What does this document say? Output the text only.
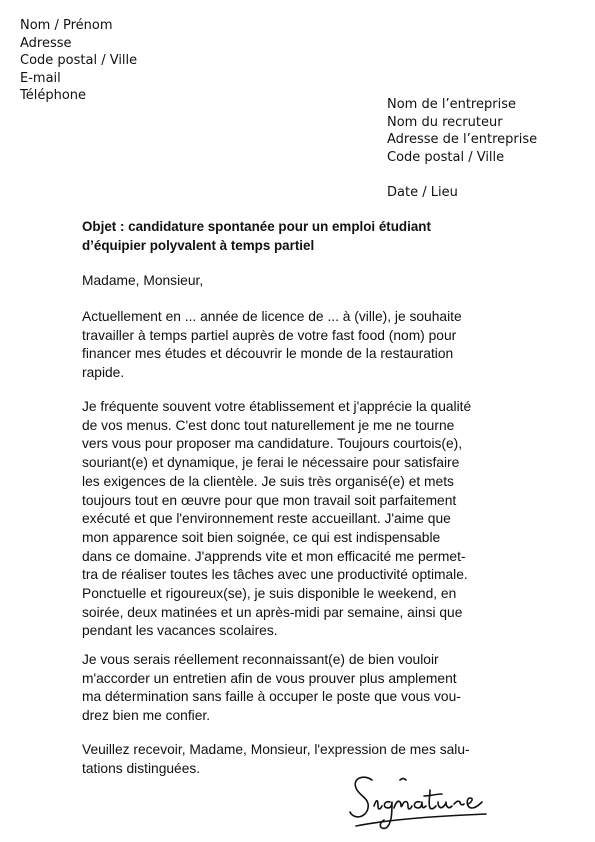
Nom / Prénom
Adresse
Code postal / Ville
E-mail
Téléphone
Nom de l’entreprise
Nom du recruteur
Adresse de l’entreprise
Code postal / Ville
Date / Lieu
Objet : candidature spontanée pour un emploi étudiant
d’équipier polyvalent à temps partiel
Madame, Monsieur,
Actuellement en ... année de licence de ... à (ville), je souhaite
travailler à temps partiel auprès de votre fast food (nom) pour
financer mes études et découvrir le monde de la restauration
rapide.
Je fréquente souvent votre établissement et j'apprécie la qualité
de vos menus. C'est donc tout naturellement je me ne tourne
vers vous pour proposer ma candidature. Toujours courtois(e),
souriant(e) et dynamique, je ferai le nécessaire pour satisfaire
les exigences de la clientèle. Je suis très organisé(e) et mets
toujours tout en œuvre pour que mon travail soit parfaitement
exécuté et que l'environnement reste accueillant. J'aime que
mon apparence soit bien soignée, ce qui est indispensable
dans ce domaine. J'apprends vite et mon efficacité me permet-
tra de réaliser toutes les tâches avec une productivité optimale.
Ponctuelle et rigoureux(se), je suis disponible le weekend, en
soirée, deux matinées et un après-midi par semaine, ainsi que
pendant les vacances scolaires.
Je vous serais réellement reconnaissant(e) de bien vouloir
m'accorder un entretien afin de vous prouver plus amplement
ma détermination sans faille à occuper le poste que vous vou-
drez bien me confier.
Veuillez recevoir, Madame, Monsieur, l'expression de mes salu-
tations distinguées.
